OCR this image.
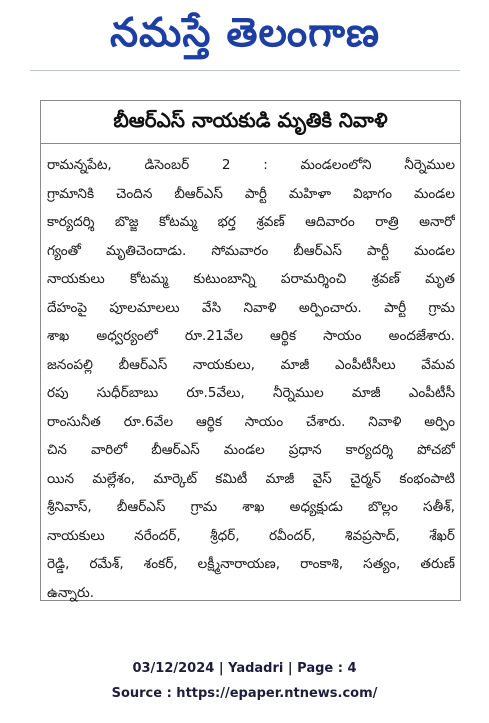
నమస్తే తెలంగాణ
బీఆర్ఎస్ నాయకుడి మృతికి నివాళి
రామన్నపేట, డిసెంబర్ 2 : మండలంలోని నీర్నెముల
గ్రామానికి చెందిన బీఆర్ఎస్ పార్టీ మహిళా విభాగం మండల
కార్యదర్శి బొజ్జ కోటమ్మ భర్త శ్రవణ్ ఆదివారం రాత్రి అనారో
గ్యంతో మృతిచెందాడు. సోమవారం బీఆర్ఎస్ పార్టీ మండల
నాయకులు కోటమ్మ కుటుంబాన్ని పరామర్శించి శ్రవణ్ మృత
దేహంపై పూలమాలలు వేసి నివాళి అర్పించారు. పార్టీ గ్రామ
శాఖ అధ్వర్యంలో రూ.21వేల ఆర్థిక సాయం అందజేశారు.
జనంపల్లి బీఆర్ఎస్ నాయకులు, మాజీ ఎంపీటీసీలు వేమవ
రపు సుధీర్‌బాబు రూ.5వేలు, నీర్నెముల మాజీ ఎంపీటీసీ
రాంసునీత రూ.6వేల ఆర్థిక సాయం చేశారు. నివాళి అర్పిం
చిన వారిలో బీఆర్ఎస్ మండల ప్రధాన కార్యదర్శి పోచబో
యిన మల్లేశం, మార్కెట్ కమిటీ మాజీ వైస్ చైర్మన్ కంభంపాటి
శ్రీనివాస్, బీఆర్ఎస్ గ్రామ శాఖ అధ్యక్షుడు బొల్లం సతీశ్,
నాయకులు నరేందర్, శ్రీధర్, రవీందర్, శివప్రసాద్, శేఖర్
రెడ్డి, రమేశ్, శంకర్, లక్ష్మీనారాయణ, రాంకాశి, సత్యం, తరుణ్
ఉన్నారు.
03/12/2024 | Yadadri | Page : 4
Source : https://epaper.ntnews.com/
